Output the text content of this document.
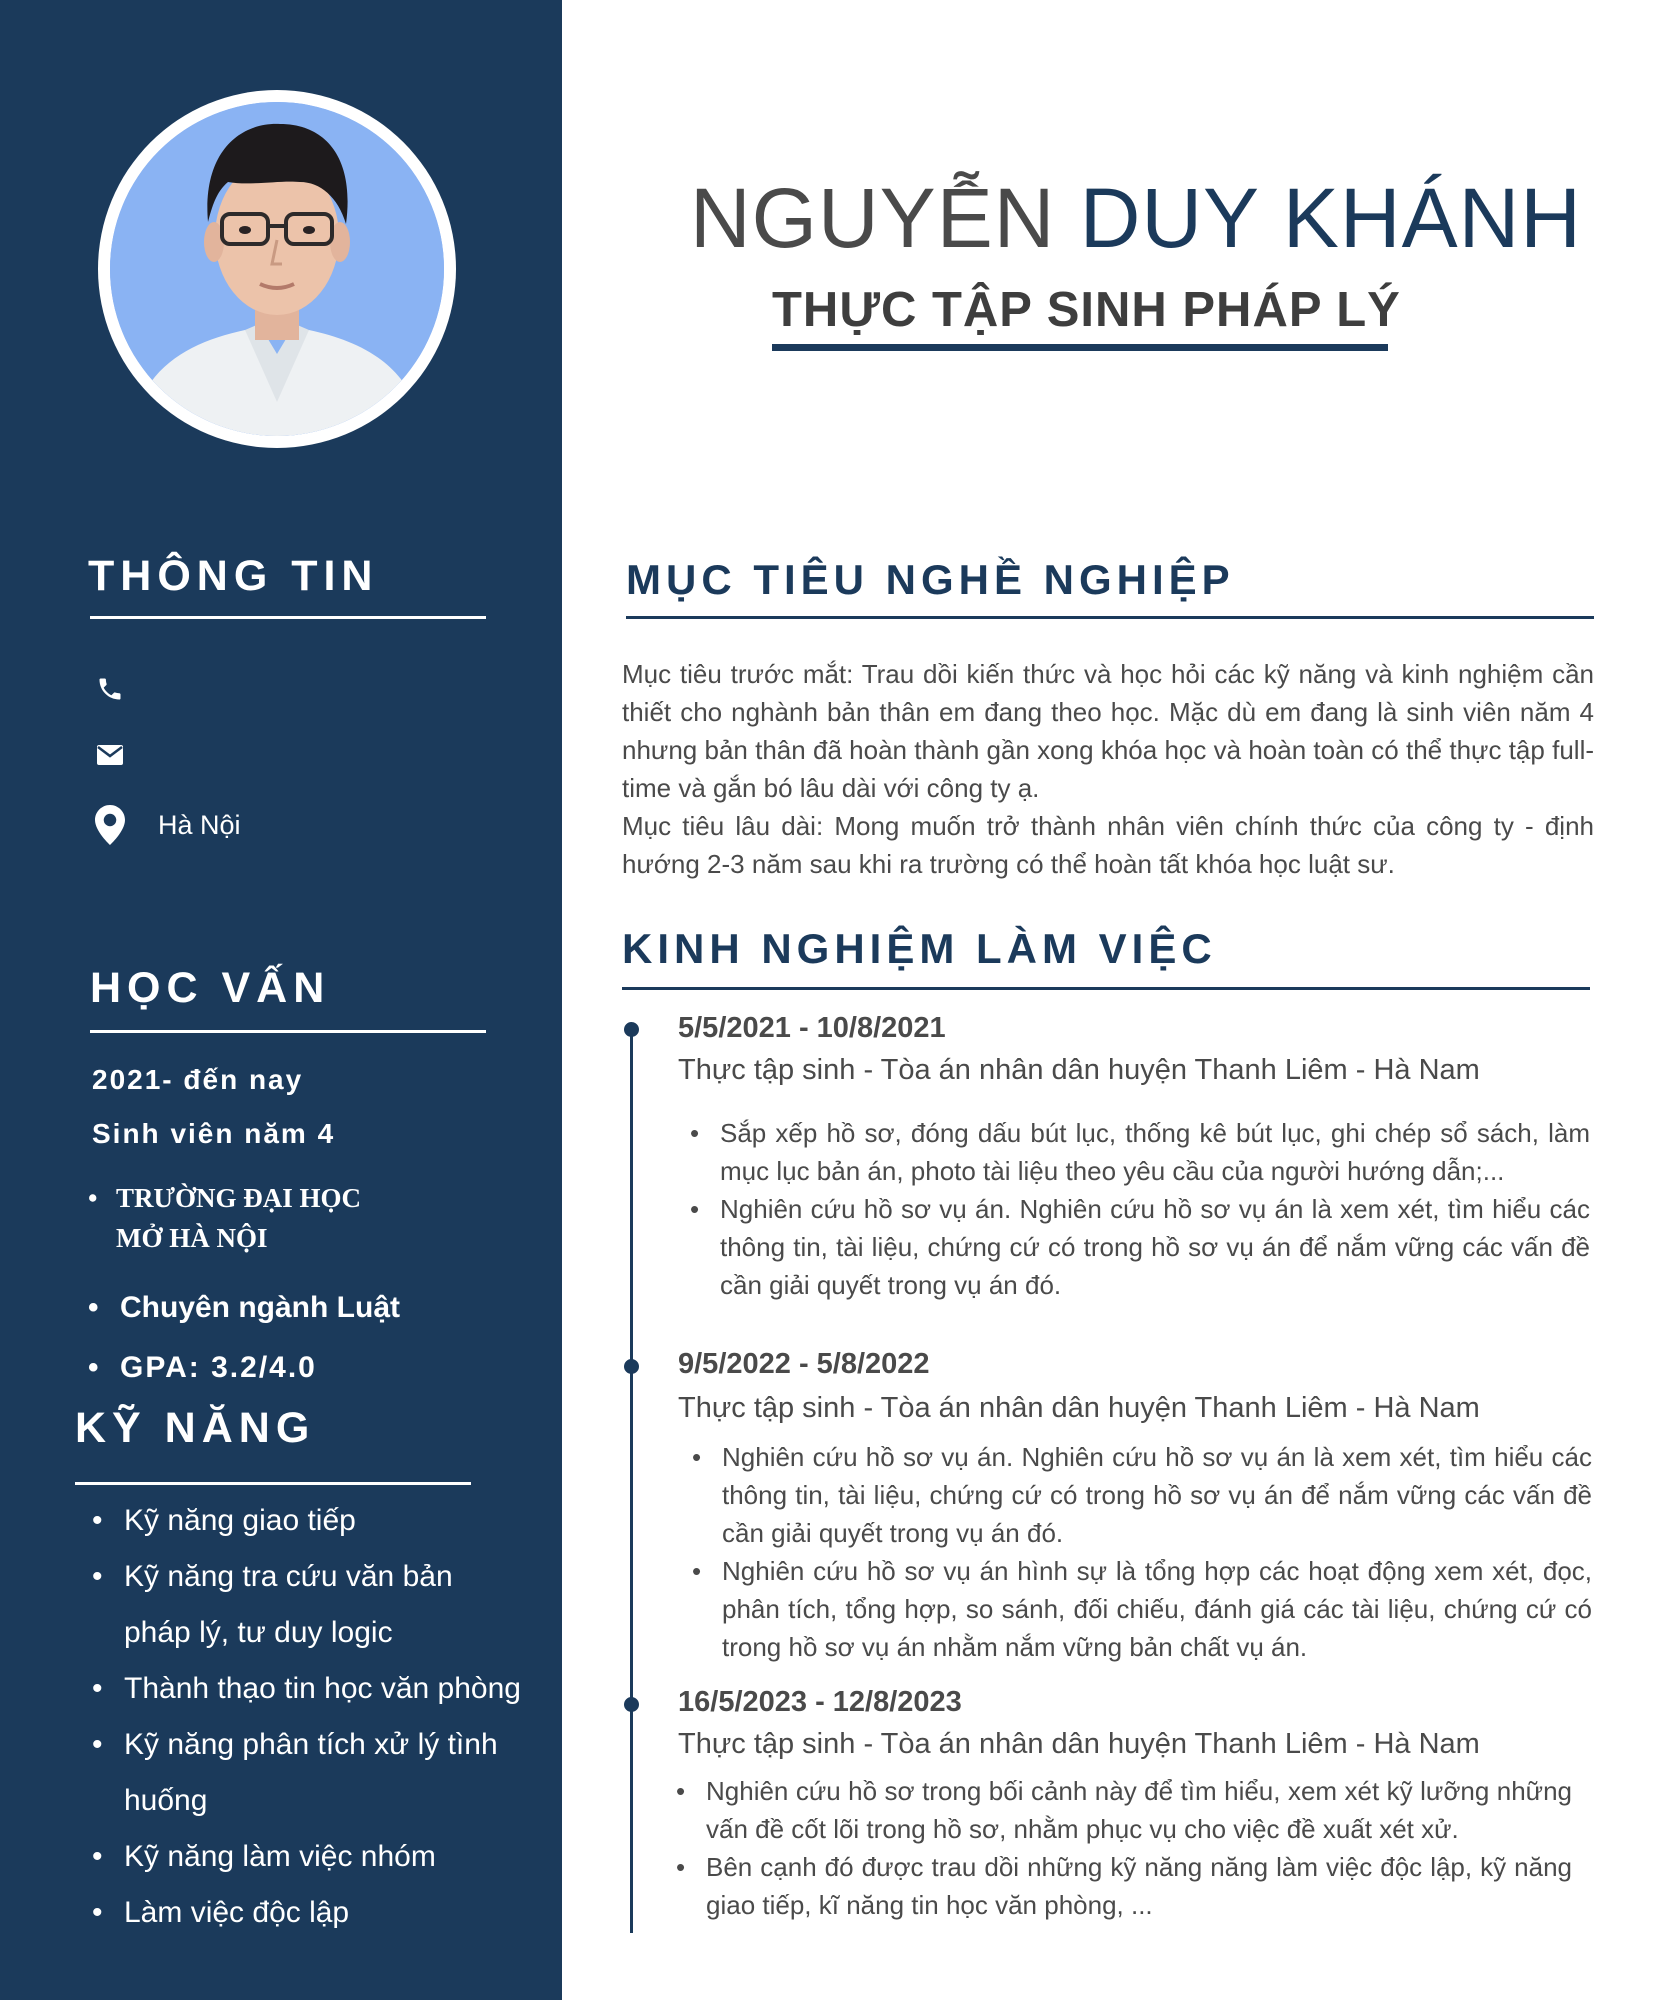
THÔNG TIN
Hà Nội
HỌC VẤN
2021- đến nay
Sinh viên năm 4
• TRƯỜNG ĐẠI HỌC
MỞ HÀ NỘI
• Chuyên ngành Luật
• GPA: 3.2/4.0
KỸ NĂNG
• Kỹ năng giao tiếp
• Kỹ năng tra cứu văn bản pháp lý, tư duy logic
• Thành thạo tin học văn phòng
• Kỹ năng phân tích xử lý tình huống
• Kỹ năng làm việc nhóm
• Làm việc độc lập
NGUYỄN DUY KHÁNH
THỰC TẬP SINH PHÁP LÝ
MỤC TIÊU NGHỀ NGHIỆP

Mục tiêu trước mắt: Trau dồi kiến thức và học hỏi các kỹ năng và kinh nghiệm cần thiết cho nghành bản thân em đang theo học. Mặc dù em đang là sinh viên năm 4 nhưng bản thân đã hoàn thành gần xong khóa học và hoàn toàn có thể thực tập full-time và gắn bó lâu dài với công ty ạ.

Mục tiêu lâu dài: Mong muốn trở thành nhân viên chính thức của công ty - định hướng 2-3 năm sau khi ra trường có thể hoàn tất khóa học luật sư.

KINH NGHIỆM LÀM VIỆC
5/5/2021 - 10/8/2021
Thực tập sinh - Tòa án nhân dân huyện Thanh Liêm - Hà Nam
• Sắp xếp hồ sơ, đóng dấu bút lục, thống kê bút lục, ghi chép sổ sách, làm mục lục bản án, photo tài liệu theo yêu cầu của người hướng dẫn;...
• Nghiên cứu hồ sơ vụ án. Nghiên cứu hồ sơ vụ án là xem xét, tìm hiểu các thông tin, tài liệu, chứng cứ có trong hồ sơ vụ án để nắm vững các vấn đề cần giải quyết trong vụ án đó.
9/5/2022 - 5/8/2022
Thực tập sinh - Tòa án nhân dân huyện Thanh Liêm - Hà Nam
• Nghiên cứu hồ sơ vụ án. Nghiên cứu hồ sơ vụ án là xem xét, tìm hiểu các thông tin, tài liệu, chứng cứ có trong hồ sơ vụ án để nắm vững các vấn đề cần giải quyết trong vụ án đó.
• Nghiên cứu hồ sơ vụ án hình sự là tổng hợp các hoạt động xem xét, đọc, phân tích, tổng hợp, so sánh, đối chiếu, đánh giá các tài liệu, chứng cứ có trong hồ sơ vụ án nhằm nắm vững bản chất vụ án.
16/5/2023 - 12/8/2023
Thực tập sinh - Tòa án nhân dân huyện Thanh Liêm - Hà Nam
• Nghiên cứu hồ sơ trong bối cảnh này để tìm hiểu, xem xét kỹ lưỡng những vấn đề cốt lõi trong hồ sơ, nhằm phục vụ cho việc đề xuất xét xử.
• Bên cạnh đó được trau dồi những kỹ năng năng làm việc độc lập, kỹ năng giao tiếp, kĩ năng tin học văn phòng, ...
